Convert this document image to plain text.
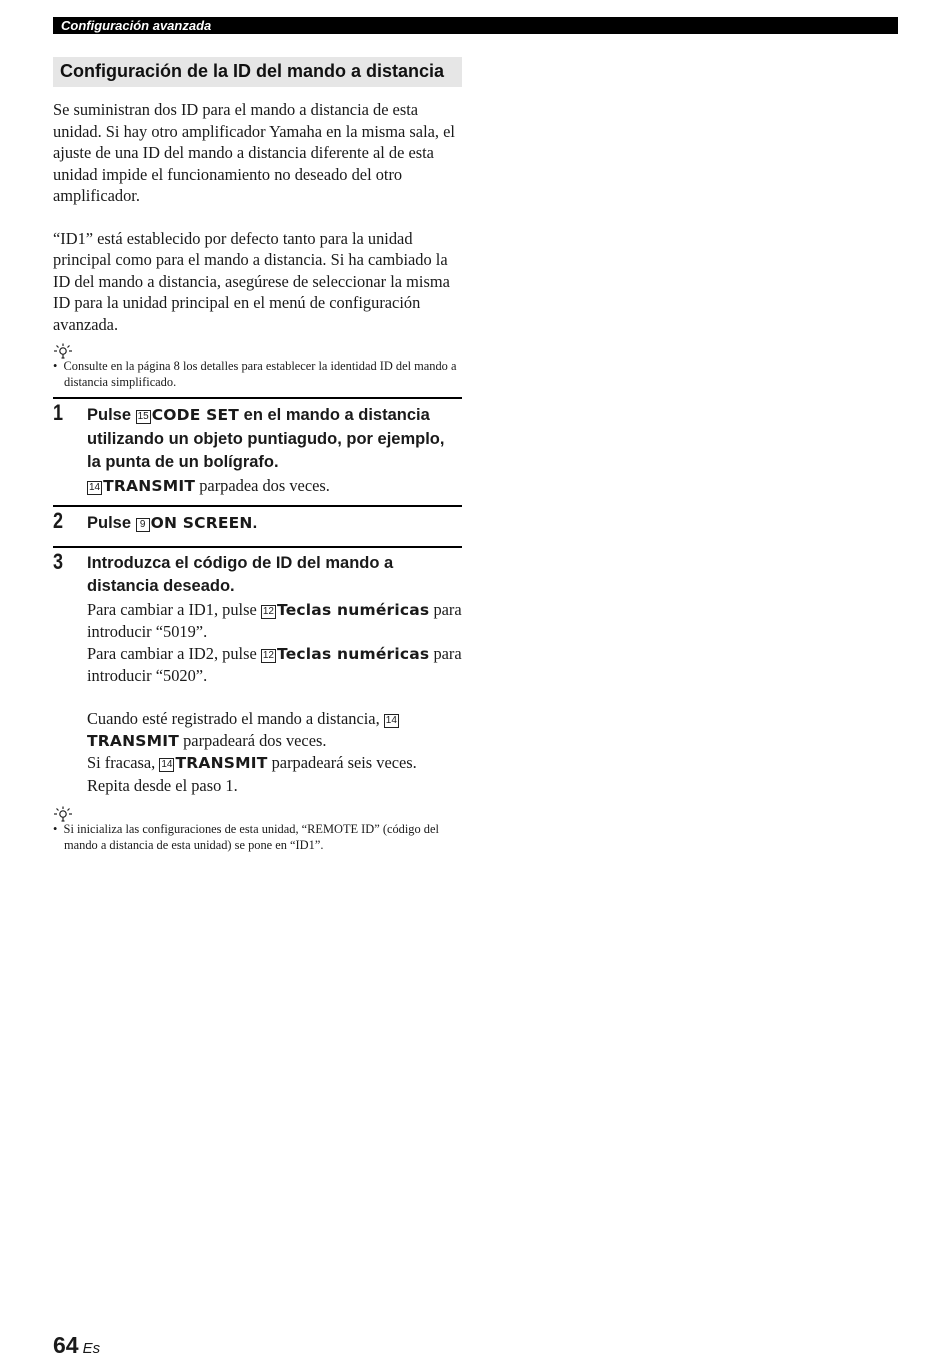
Configuración avanzada
Configuración de la ID del mando a distancia

Se suministran dos ID para el mando a distancia de esta unidad. Si hay otro amplificador Yamaha en la misma sala, el ajuste de una ID del mando a distancia diferente al de esta unidad impide el funcionamiento no deseado del otro amplificador.

“ID1” está establecido por defecto tanto para la unidad principal como para el mando a distancia. Si ha cambiado la ID del mando a distancia, asegúrese de seleccionar la misma ID para la unidad principal en el menú de configuración avanzada.

• Consulte en la página 8 los detalles para establecer la identidad ID del mando a distancia simplificado.
1 Pulse 15 CODE SET en el mando a distancia utilizando un objeto puntiagudo, por ejemplo, la punta de un bolígrafo.
14 TRANSMIT parpadea dos veces.
2 Pulse 9 ON SCREEN.
3 Introduzca el código de ID del mando a distancia deseado.
Para cambiar a ID1, pulse 12 Teclas numéricas para introducir “5019”.
Para cambiar a ID2, pulse 12 Teclas numéricas para introducir “5020”.
Cuando esté registrado el mando a distancia, 14TRANSMIT parpadeará dos veces.
Si fracasa, 14 TRANSMIT parpadeará seis veces.
Repita desde el paso 1.
• Si inicializa las configuraciones de esta unidad, “REMOTE ID” (código del mando a distancia de esta unidad) se pone en “ID1”.
64 Es
